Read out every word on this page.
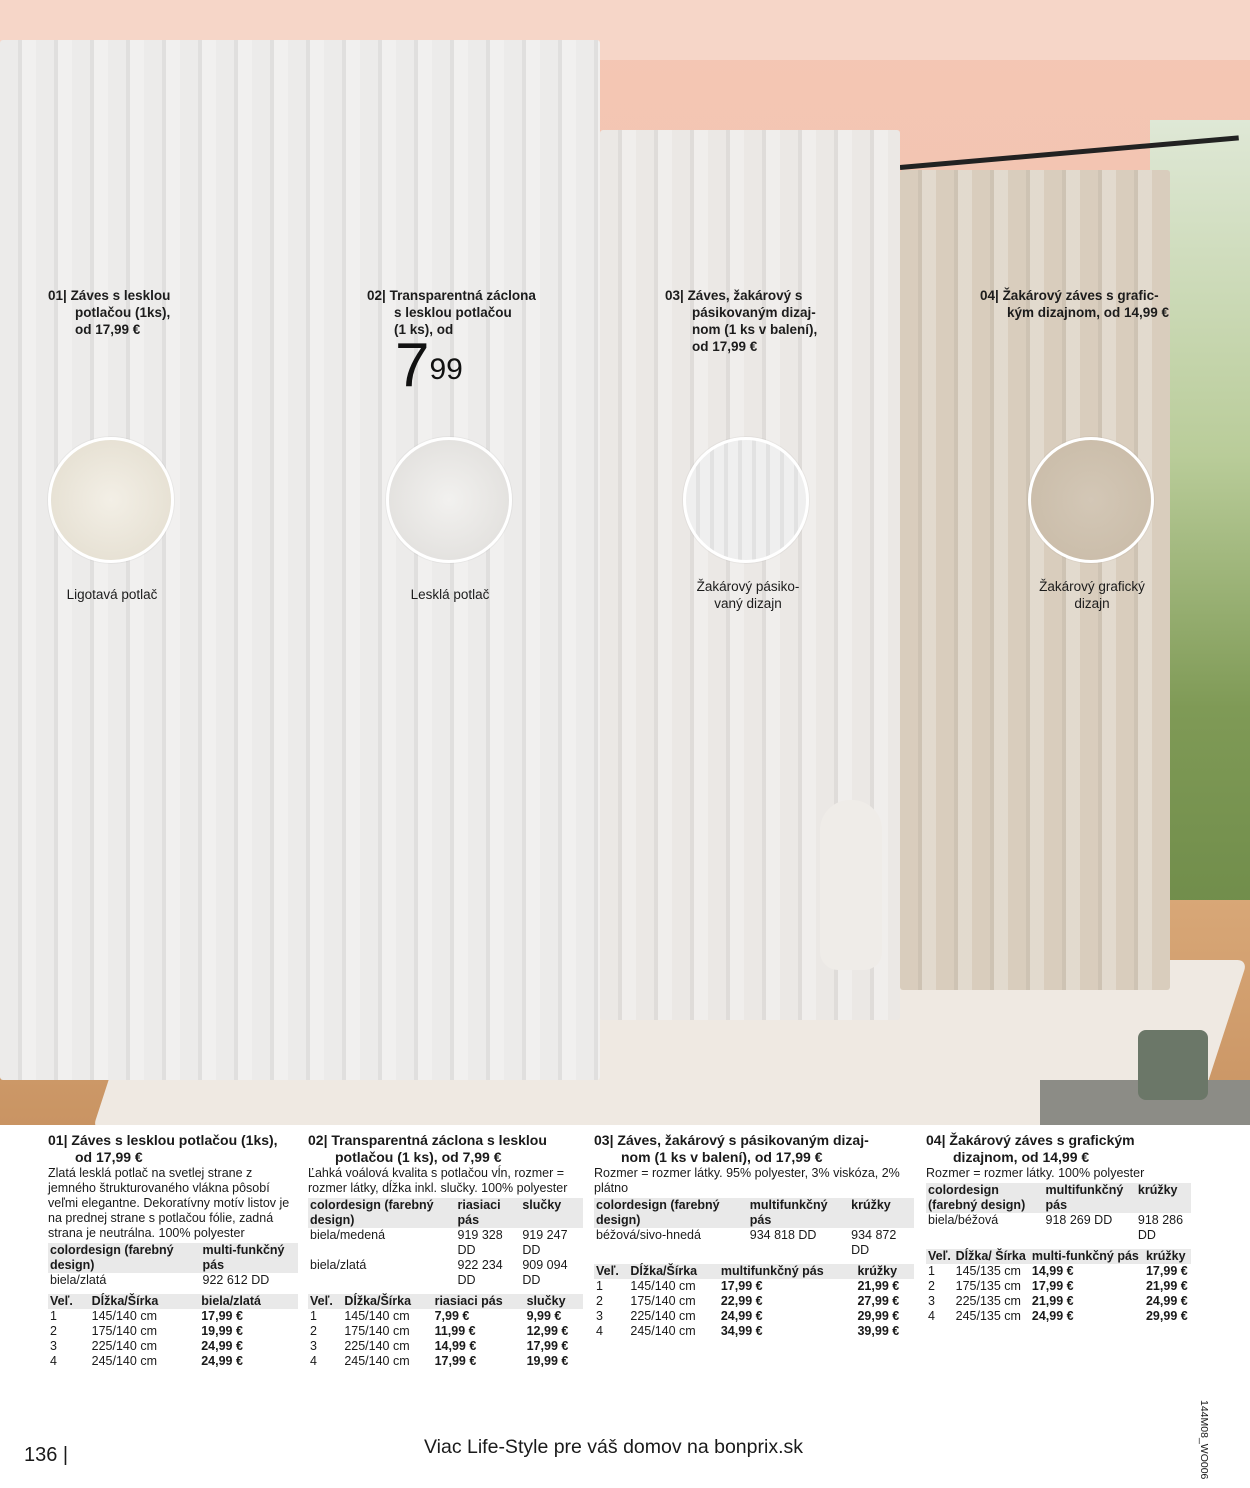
01| Záves s lesklou
potlačou (1ks),
od 17,99 €
02| Transparentná záclona
s lesklou potlačou
(1 ks), od
$7^{99}$
03| Záves, žakárový s
pásikovaným dizaj-
nom (1 ks v balení),
od 17,99 €
04| Žakárový záves s grafic-
kým dizajnom, od 14,99 €
Ligotavá potlač	Lesklá potlač
Žakárový pásiko-
vaný dizajn
Žakárový grafický
dizajn
01| Záves s lesklou potlačou (1ks),
od 17,99 €
Zlatá lesklá potlač na svetlej strane z jemného štrukturovaného vlákna pôsobí veľmi elegantne. Dekoratívny motív listov je na prednej strane s potlačou fólie, zadná strana je neutrálna. 100% polyester
colordesign (farebný design)	multi-funkčný pás
biela/zlatá	922 612 DD
Veľ.	Dĺžka/Šírka	biela/zlatá
1	145/140 cm	17,99 €
2	175/140 cm	19,99 €
3	225/140 cm	24,99 €
4	245/140 cm	24,99 €
02| Transparentná záclona s lesklou
potlačou (1 ks), od 7,99 €
Ľahká voálová kvalita s potlačou vĺn, rozmer = rozmer látky, dĺžka inkl. slučky. 100% polyester
colordesign (farebný design)	riasiaci pás	slučky
biela/medená	919 328 DD	919 247 DD
biela/zlatá	922 234 DD	909 094 DD
Veľ.	Dĺžka/Šírka	riasiaci pás	slučky
1	145/140 cm	7,99 €	9,99 €
2	175/140 cm	11,99 €	12,99 €
3	225/140 cm	14,99 €	17,99 €
4	245/140 cm	17,99 €	19,99 €
03| Záves, žakárový s pásikovaným dizaj-
nom (1 ks v balení), od 17,99 €
Rozmer = rozmer látky. 95% polyester, 3% viskóza, 2% plátno
colordesign (farebný design)	multifunkčný pás	krúžky
béžová/sivo-hnedá	934 818 DD	934 872 DD
Veľ.	Dĺžka/Šírka	multifunkčný pás	krúžky
1	145/140 cm	17,99 €	21,99 €
2	175/140 cm	22,99 €	27,99 €
3	225/140 cm	24,99 €	29,99 €
4	245/140 cm	34,99 €	39,99 €
04| Žakárový záves s grafickým
dizajnom, od 14,99 €
Rozmer = rozmer látky. 100% polyester
colordesign (farebný design)	multifunkčný pás	krúžky
biela/béžová	918 269 DD	918 286 DD
Veľ.	Dĺžka/ Šírka	multi-funkčný pás	krúžky
1	145/135 cm	14,99 €	17,99 €
2	175/135 cm	17,99 €	21,99 €
3	225/135 cm	21,99 €	24,99 €
4	245/135 cm	24,99 €	29,99 €
136 |	Viac Life-Style pre váš domov na bonprix.sk	144M08_WO006
